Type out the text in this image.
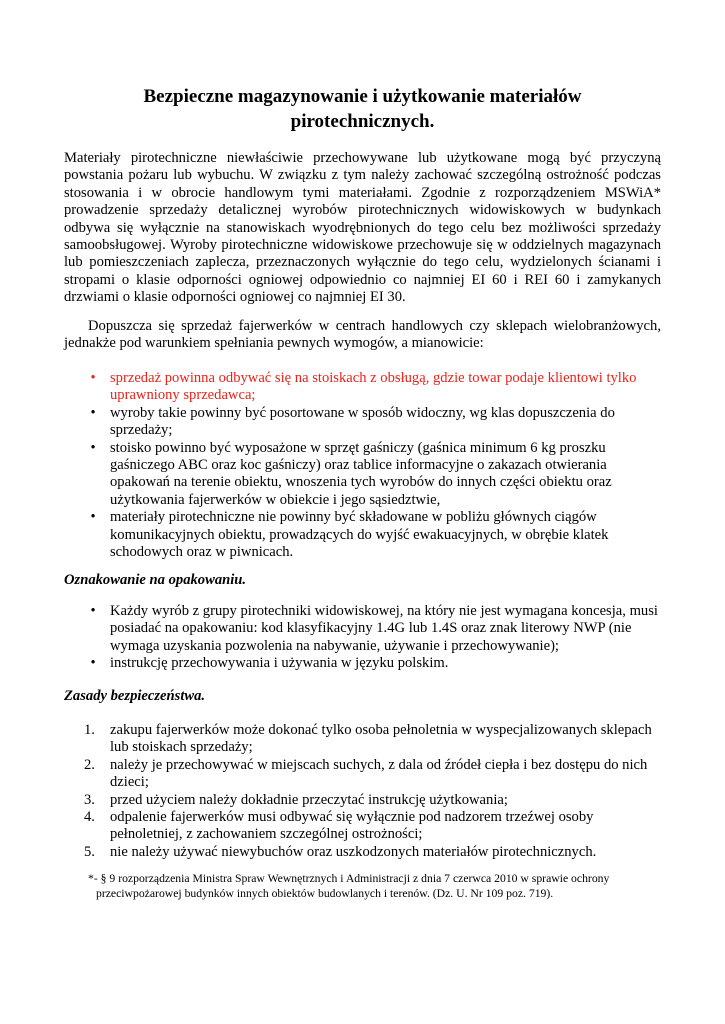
Bezpieczne magazynowanie i użytkowanie materiałów
pirotechnicznych.

Materiały pirotechniczne niewłaściwie przechowywane lub użytkowane mogą być przyczyną powstania pożaru lub wybuchu. W związku z tym należy zachować szczególną ostrożność podczas stosowania i w obrocie handlowym tymi materiałami. Zgodnie z rozporządzeniem MSWiA* prowadzenie sprzedaży detalicznej wyrobów pirotechnicznych widowiskowych w budynkach odbywa się wyłącznie na stanowiskach wyodrębnionych do tego celu bez możliwości sprzedaży samoobsługowej. Wyroby pirotechniczne widowiskowe przechowuje się w oddzielnych magazynach lub pomieszczeniach zaplecza, przeznaczonych wyłącznie do tego celu, wydzielonych ścianami i stropami o klasie odporności ogniowej odpowiednio co najmniej EI 60 i REI 60 i zamykanych drzwiami o klasie odporności ogniowej co najmniej EI 30.

Dopuszcza się sprzedaż fajerwerków w centrach handlowych czy sklepach wielobranżowych, jednakże pod warunkiem spełniania pewnych wymogów, a mianowicie:

• sprzedaż powinna odbywać się na stoiskach z obsługą, gdzie towar podaje klientowi tylko uprawniony sprzedawca;
• wyroby takie powinny być posortowane w sposób widoczny, wg klas dopuszczenia do sprzedaży;
• stoisko powinno być wyposażone w sprzęt gaśniczy (gaśnica minimum 6 kg proszku gaśniczego ABC oraz koc gaśniczy) oraz tablice informacyjne o zakazach otwierania opakowań na terenie obiektu, wnoszenia tych wyrobów do innych części obiektu oraz użytkowania fajerwerków w obiekcie i jego sąsiedztwie,
• materiały pirotechniczne nie powinny być składowane w pobliżu głównych ciągów komunikacyjnych obiektu, prowadzących do wyjść ewakuacyjnych, w obrębie klatek schodowych oraz w piwnicach.
Oznakowanie na opakowaniu.
• Każdy wyrób z grupy pirotechniki widowiskowej, na który nie jest wymagana koncesja, musi posiadać na opakowaniu: kod klasyfikacyjny 1.4G lub 1.4S oraz znak literowy NWP (nie wymaga uzyskania pozwolenia na nabywanie, używanie i przechowywanie);
• instrukcję przechowywania i używania w języku polskim.
Zasady bezpieczeństwa.
1. zakupu fajerwerków może dokonać tylko osoba pełnoletnia w wyspecjalizowanych sklepach lub stoiskach sprzedaży;
2. należy je przechowywać w miejscach suchych, z dala od źródeł ciepła i bez dostępu do nich dzieci;
3. przed użyciem należy dokładnie przeczytać instrukcję użytkowania;
4. odpalenie fajerwerków musi odbywać się wyłącznie pod nadzorem trzeźwej osoby pełnoletniej, z zachowaniem szczególnej ostrożności;
5. nie należy używać niewybuchów oraz uszkodzonych materiałów pirotechnicznych.
*- § 9 rozporządzenia Ministra Spraw Wewnętrznych i Administracji z dnia 7 czerwca 2010 w sprawie ochrony przeciwpożarowej budynków innych obiektów budowlanych i terenów. (Dz. U. Nr 109 poz. 719).
